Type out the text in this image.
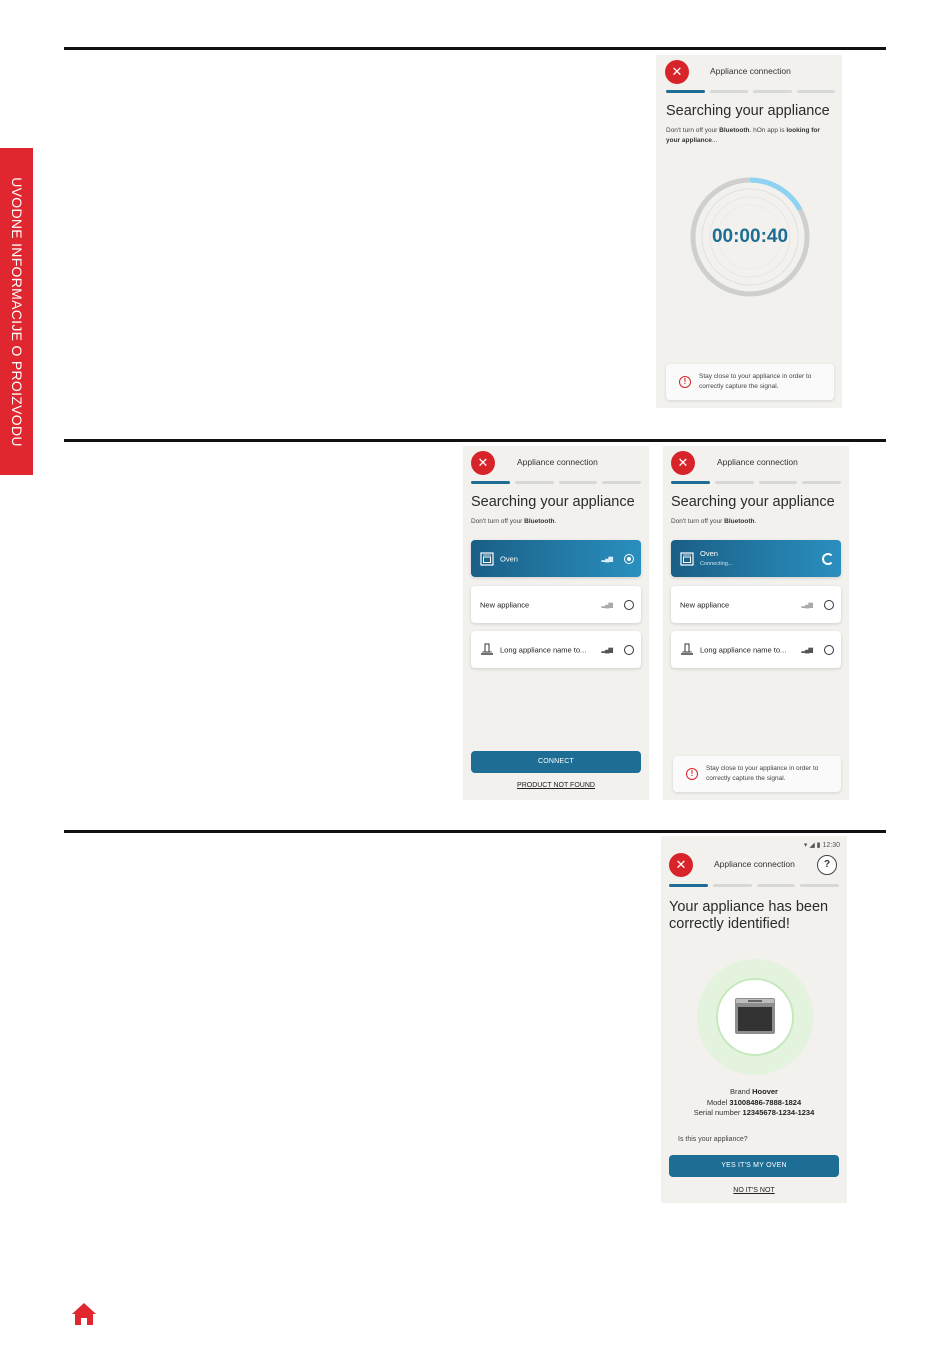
UVODNE INFORMACIJE O PROIZVODU
✕	Appliance connection
Searching your appliance
Don't turn off your Bluetooth. hOn app is looking for your appliance...
00:00:40
!
Stay close to your appliance in order to correctly capture the signal.
✕	Appliance connection
Searching your appliance
Don't turn off your Bluetooth.
Oven	▂▄▆
New appliance	▂▄▆
Long appliance name to...	▂▄▆
CONNECT
PRODUCT NOT FOUND
✕	Appliance connection
Searching your appliance
Don't turn off your Bluetooth.
Oven
Connecting...
New appliance	▂▄▆
Long appliance name to...	▂▄▆
!
Stay close to your appliance in order to correctly capture the signal.
▾ ◢ ▮ 12:30
✕	Appliance connection	?
Your appliance has been
correctly identified!
Brand Hoover
Model 31008486-7888-1824
Serial number 12345678-1234-1234
Is this your appliance?
YES IT'S MY OVEN
NO IT'S NOT
